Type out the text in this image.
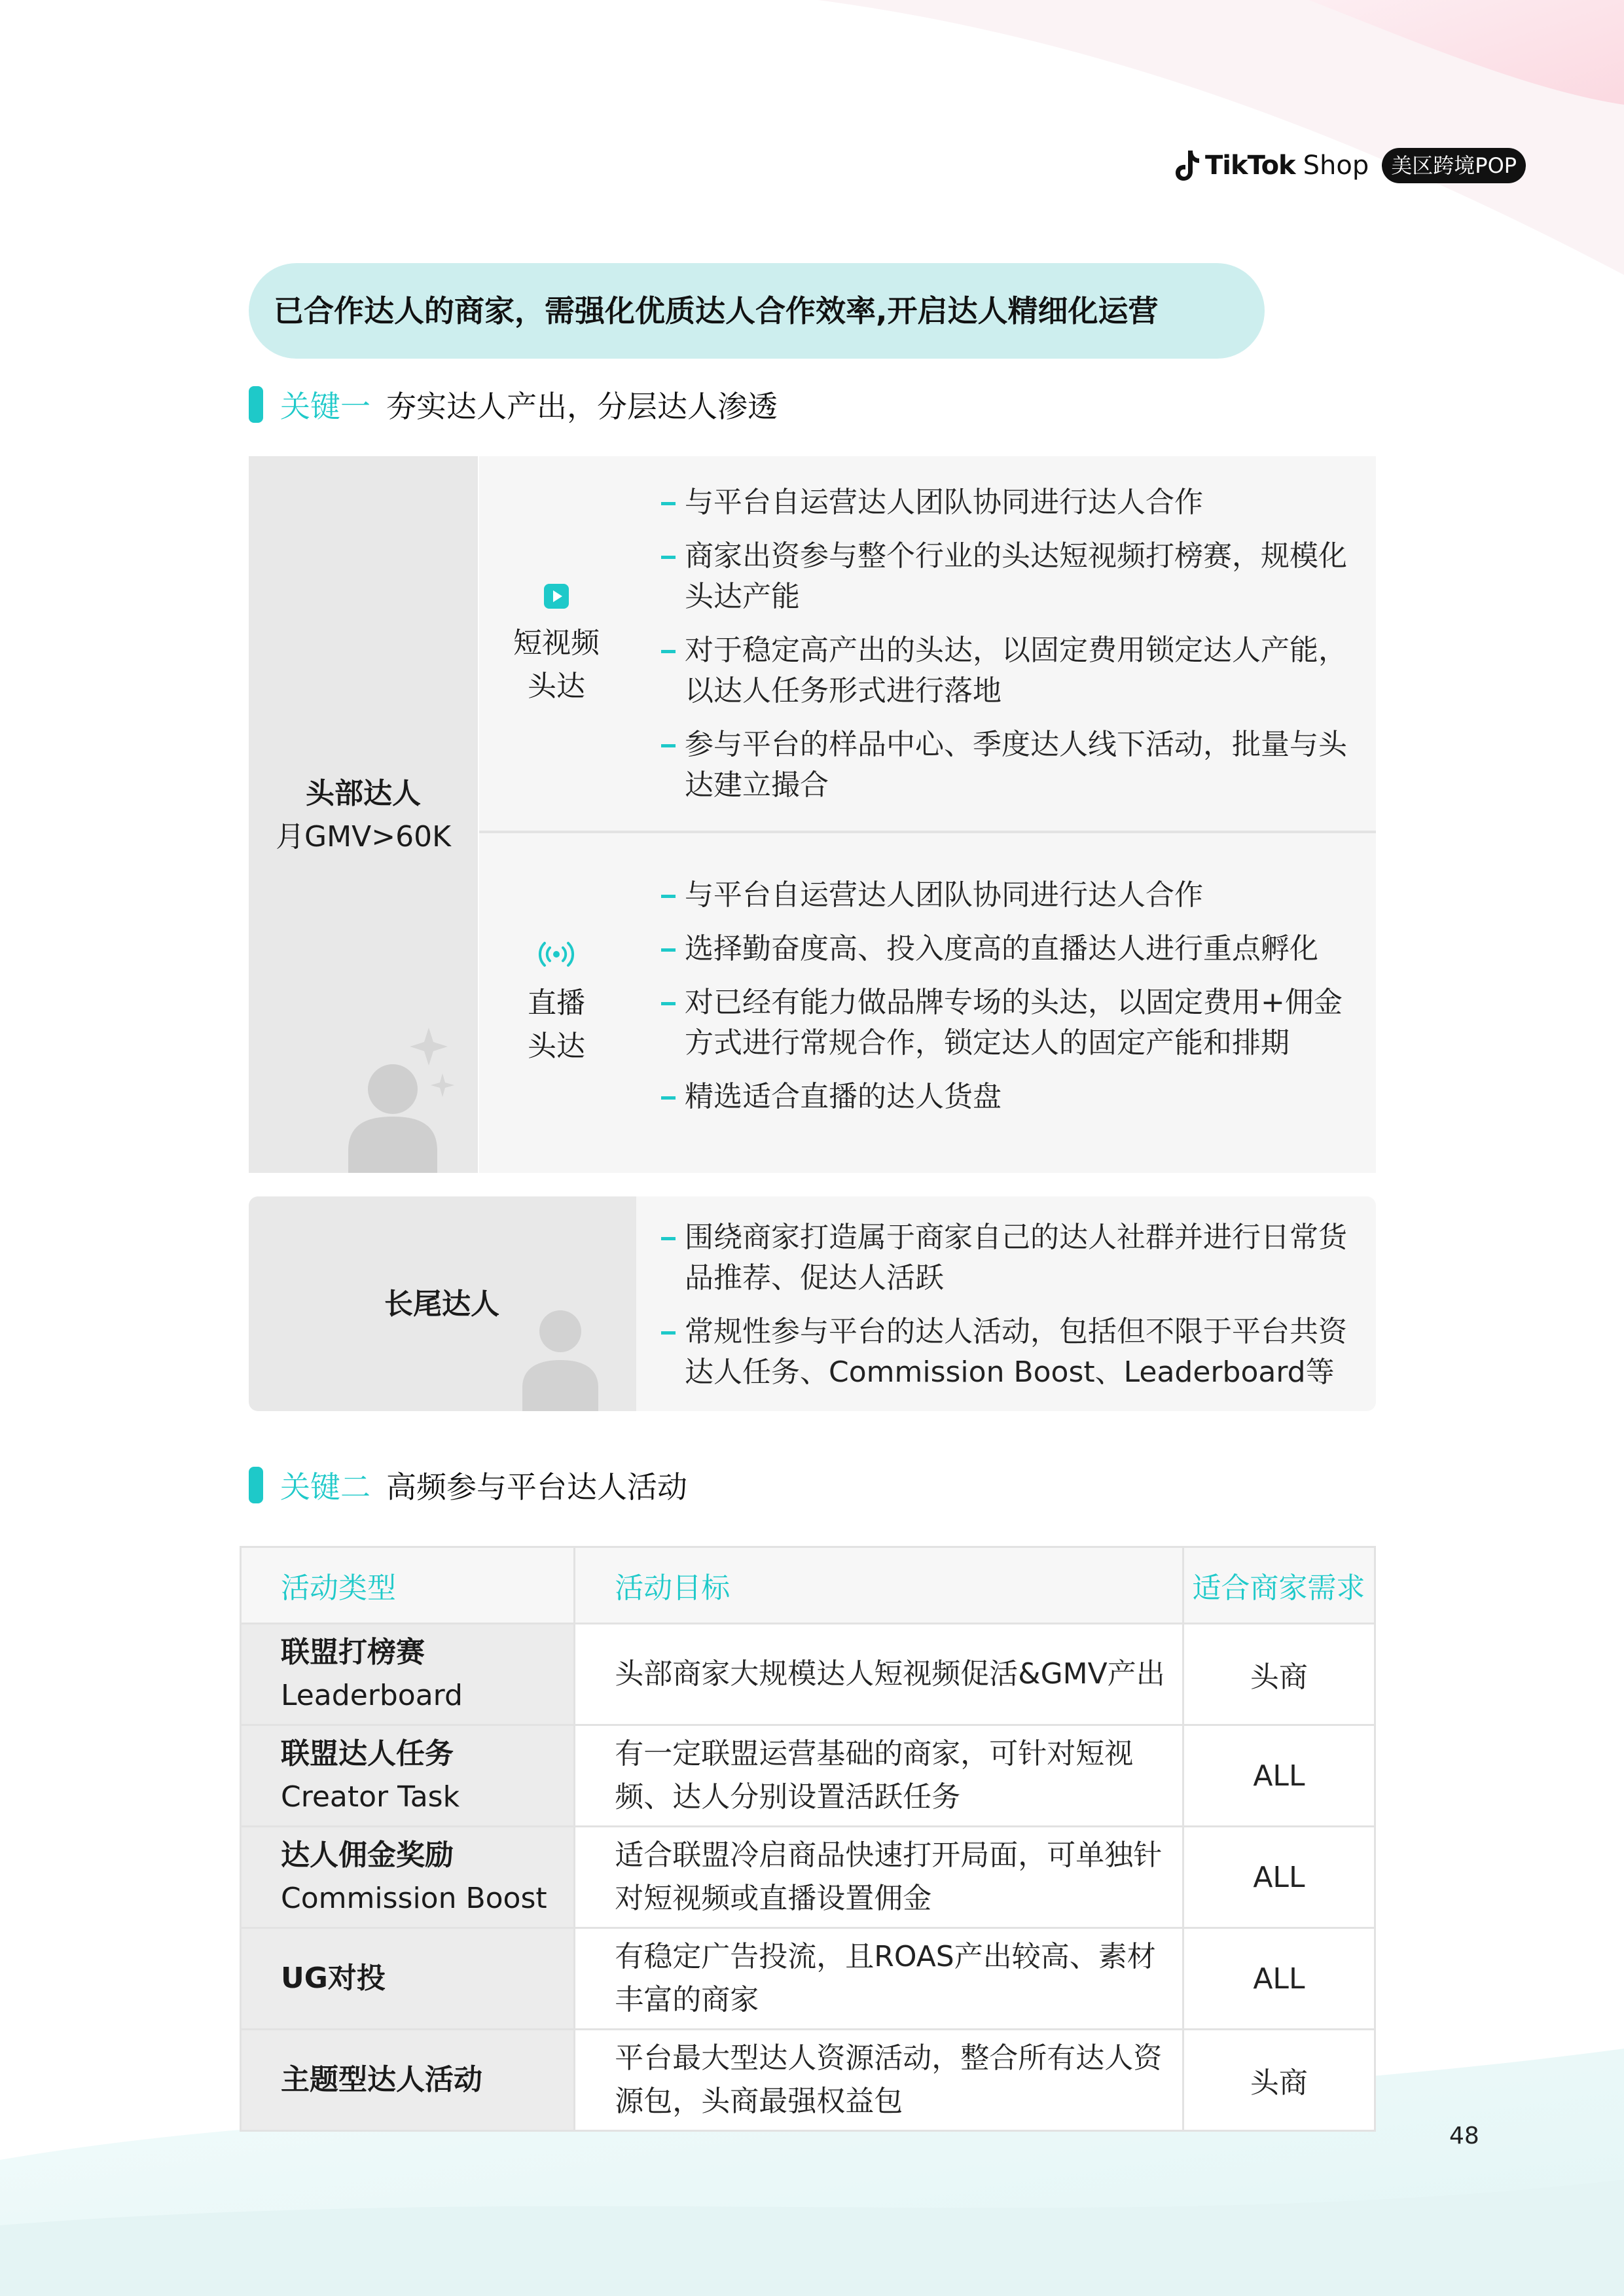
TikTok Shop	美区跨境POP
已合作达人的商家，需强化优质达人合作效率,开启达人精细化运营
关键一 夯实达人产出，分层达人渗透
头部达人
月GMV>60K
短视频
头达
与平台自运营达人团队协同进行达人合作
商家出资参与整个行业的头达短视频打榜赛，规模化头达产能
对于稳定高产出的头达，以固定费用锁定达人产能，以达人任务形式进行落地
参与平台的样品中心、季度达人线下活动，批量与头达建立撮合
直播
头达
与平台自运营达人团队协同进行达人合作
选择勤奋度高、投入度高的直播达人进行重点孵化
对已经有能力做品牌专场的头达，以固定费用+佣金方式进行常规合作，锁定达人的固定产能和排期
精选适合直播的达人货盘
长尾达人
围绕商家打造属于商家自己的达人社群并进行日常货品推荐、促达人活跃
常规性参与平台的达人活动，包括但不限于平台共资达人任务、Commission Boost、Leaderboard等
关键二 高频参与平台达人活动
活动类型	活动目标	适合商家需求

联盟打榜赛
Leaderboard	头部商家大规模达人短视频促活&GMV产出	头商

联盟达人任务
Creator Task	有一定联盟运营基础的商家，可针对短视频、达人分别设置活跃任务	ALL

达人佣金奖励
Commission Boost	适合联盟冷启商品快速打开局面，可单独针对短视频或直播设置佣金	ALL

UG对投	有稳定广告投流，且ROAS产出较高、素材丰富的商家	ALL

主题型达人活动	平台最大型达人资源活动，整合所有达人资源包，头商最强权益包	头商
48
